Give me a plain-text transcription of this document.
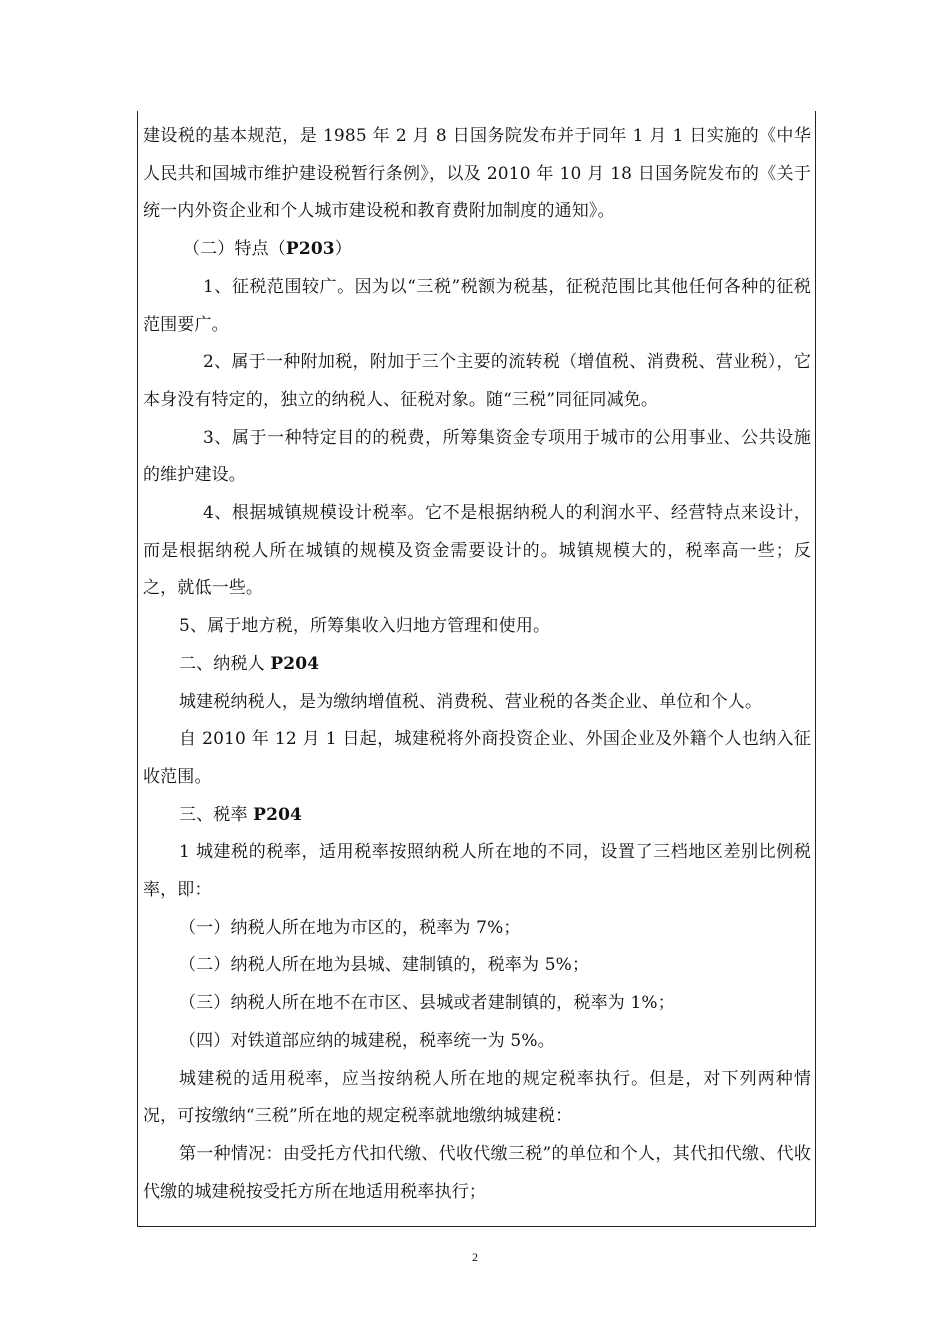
建设税的基本规范，是 1985 年 2 月 8 日国务院发布并于同年 1 月 1 日实施的《中华人民共和国城市维护建设税暂行条例》，以及 2010 年 10 月 18 日国务院发布的《关于统一内外资企业和个人城市建设税和教育费附加制度的通知》。

（二）特点（P203）

1、征税范围较广。因为以“三税”税额为税基，征税范围比其他任何各种的征税范围要广。

2、属于一种附加税，附加于三个主要的流转税（增值税、消费税、营业税），它本身没有特定的，独立的纳税人、征税对象。随“三税”同征同减免。

3、属于一种特定目的的税费，所筹集资金专项用于城市的公用事业、公共设施的维护建设。

4、根据城镇规模设计税率。它不是根据纳税人的利润水平、经营特点来设计，而是根据纳税人所在城镇的规模及资金需要设计的。城镇规模大的，税率高一些；反之，就低一些。

5、属于地方税，所筹集收入归地方管理和使用。

二、纳税人 P204

城建税纳税人，是为缴纳增值税、消费税、营业税的各类企业、单位和个人。

自 2010 年 12 月 1 日起，城建税将外商投资企业、外国企业及外籍个人也纳入征收范围。

三、税率 P204

1 城建税的税率，适用税率按照纳税人所在地的不同，设置了三档地区差别比例税率，即：

（一）纳税人所在地为市区的，税率为 7%；

（二）纳税人所在地为县城、建制镇的，税率为 5%；

（三）纳税人所在地不在市区、县城或者建制镇的，税率为 1%；

（四）对铁道部应纳的城建税，税率统一为 5%。

城建税的适用税率，应当按纳税人所在地的规定税率执行。但是，对下列两种情况，可按缴纳“三税”所在地的规定税率就地缴纳城建税：

第一种情况：由受托方代扣代缴、代收代缴三税”的单位和个人，其代扣代缴、代收代缴的城建税按受托方所在地适用税率执行；

2
